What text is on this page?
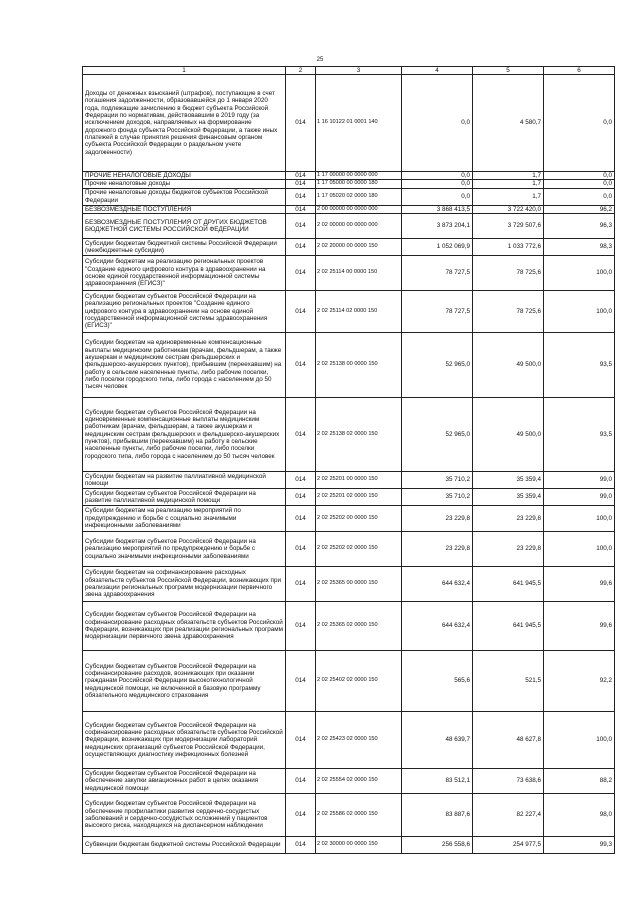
25
1	2	3	4	5	6
Доходы от денежных взысканий (штрафов), поступающие в счет погашения задолженности, образовавшейся до 1 января 2020 года, подлежащие зачислению в бюджет субъекта Российской Федерации по нормативам, действовавшим в 2019 году (за исключением доходов, направляемых на формирование дорожного фонда субъекта Российской Федерации, а также иных платежей в случае принятия решения финансовым органом субъекта Российской Федерации о раздельном учете задолженности)	014	1 16 10122 01 0001 140	0,0	4 580,7	0,0
ПРОЧИЕ НЕНАЛОГОВЫЕ ДОХОДЫ	014	1 17 00000 00 0000 000	0,0	1,7	0,0
Прочие неналоговые доходы	014	1 17 05000 00 0000 180	0,0	1,7	0,0
Прочие неналоговые доходы бюджетов субъектов Российской Федерации	014	1 17 05020 02 0000 180	0,0	1,7	0,0
БЕЗВОЗМЕЗДНЫЕ ПОСТУПЛЕНИЯ	014	2 00 00000 00 0000 000	3 868 413,5	3 722 420,0	96,2
БЕЗВОЗМЕЗДНЫЕ ПОСТУПЛЕНИЯ ОТ ДРУГИХ БЮДЖЕТОВ БЮДЖЕТНОЙ СИСТЕМЫ РОССИЙСКОЙ ФЕДЕРАЦИИ	014	2 02 00000 00 0000 000	3 873 204,1	3 729 507,6	96,3
Субсидии бюджетам бюджетной системы Российской Федерации (межбюджетные субсидии)	014	2 02 20000 00 0000 150	1 052 069,9	1 033 772,6	98,3
Субсидии бюджетам на реализацию региональных проектов "Создание единого цифрового контура в здравоохранении на основе единой государственной информационной системы здравоохранения (ЕГИСЗ)"	014	2 02 25114 00 0000 150	78 727,5	78 725,6	100,0
Субсидии бюджетам субъектов Российской Федерации на реализацию региональных проектов "Создание единого цифрового контура в здравоохранении на основе единой государственной информационной системы здравоохранения (ЕГИСЗ)"	014	2 02 25114 02 0000 150	78 727,5	78 725,6	100,0
Субсидии бюджетам на единовременные компенсационные выплаты медицинским работникам (врачам, фельдшерам, а также акушеркам и медицинским сестрам фельдшерских и фельдшерско-акушерских пунктов), прибывшим (переехавшим) на работу в сельские населенные пункты, либо рабочие поселки, либо поселки городского типа, либо города с населением до 50 тысяч человек	014	2 02 25138 00 0000 150	52 965,0	49 500,0	93,5
Субсидии бюджетам субъектов Российской Федерации на единовременные компенсационные выплаты медицинским работникам (врачам, фельдшерам, а также акушеркам и медицинским сестрам фельдшерских и фельдшерско-акушерских пунктов), прибывшим (переехавшим) на работу в сельские населенные пункты, либо рабочие поселки, либо поселки городского типа, либо города с населением до 50 тысяч человек	014	2 02 25138 02 0000 150	52 965,0	49 500,0	93,5
Субсидии бюджетам на развитие паллиативной медицинской помощи	014	2 02 25201 00 0000 150	35 710,2	35 359,4	99,0
Субсидии бюджетам субъектов Российской Федерации на развитие паллиативной медицинской помощи	014	2 02 25201 02 0000 150	35 710,2	35 359,4	99,0
Субсидии бюджетам на реализацию мероприятий по предупреждению и борьбе с социально значимыми инфекционными заболеваниями	014	2 02 25202 00 0000 150	23 229,8	23 229,8	100,0
Субсидии бюджетам субъектов Российской Федерации на реализацию мероприятий по предупреждению и борьбе с социально значимыми инфекционными заболеваниями	014	2 02 25202 02 0000 150	23 229,8	23 229,8	100,0
Субсидии бюджетам на софинансирование расходных обязательств субъектов Российской Федерации, возникающих при реализации региональных программ модернизации первичного звена здравоохранения	014	2 02 25365 00 0000 150	644 632,4	641 945,5	99,6
Субсидии бюджетам субъектов Российской Федерации на софинансирование расходных обязательств субъектов Российской Федерации, возникающих при реализации региональных программ модернизации первичного звена здравоохранения	014	2 02 25365 02 0000 150	644 632,4	641 945,5	99,6
Субсидии бюджетам субъектов Российской Федерации на софинансирование расходов, возникающих при оказании гражданам Российской Федерации высокотехнологичной медицинской помощи, не включенной в базовую программу обязательного медицинского страхования	014	2 02 25402 02 0000 150	565,6	521,5	92,2
Субсидии бюджетам субъектов Российской Федерации на софинансирование расходных обязательств субъектов Российской Федерации, возникающих при модернизации лабораторий медицинских организаций субъектов Российской Федерации, осуществляющих диагностику инфекционных болезней	014	2 02 25423 02 0000 150	48 639,7	48 627,8	100,0
Субсидии бюджетам субъектов Российской Федерации на обеспечение закупки авиационных работ в целях оказания медицинской помощи	014	2 02 25554 02 0000 150	83 512,1	73 638,6	88,2
Субсидии бюджетам субъектов Российской Федерации на обеспечение профилактики развития сердечно-сосудистых заболеваний и сердечно-сосудистых осложнений у пациентов высокого риска, находящихся на диспансерном наблюдении	014	2 02 25586 02 0000 150	83 887,6	82 227,4	98,0
Субвенции бюджетам бюджетной системы Российской Федерации	014	2 02 30000 00 0000 150	256 558,6	254 977,5	99,3
